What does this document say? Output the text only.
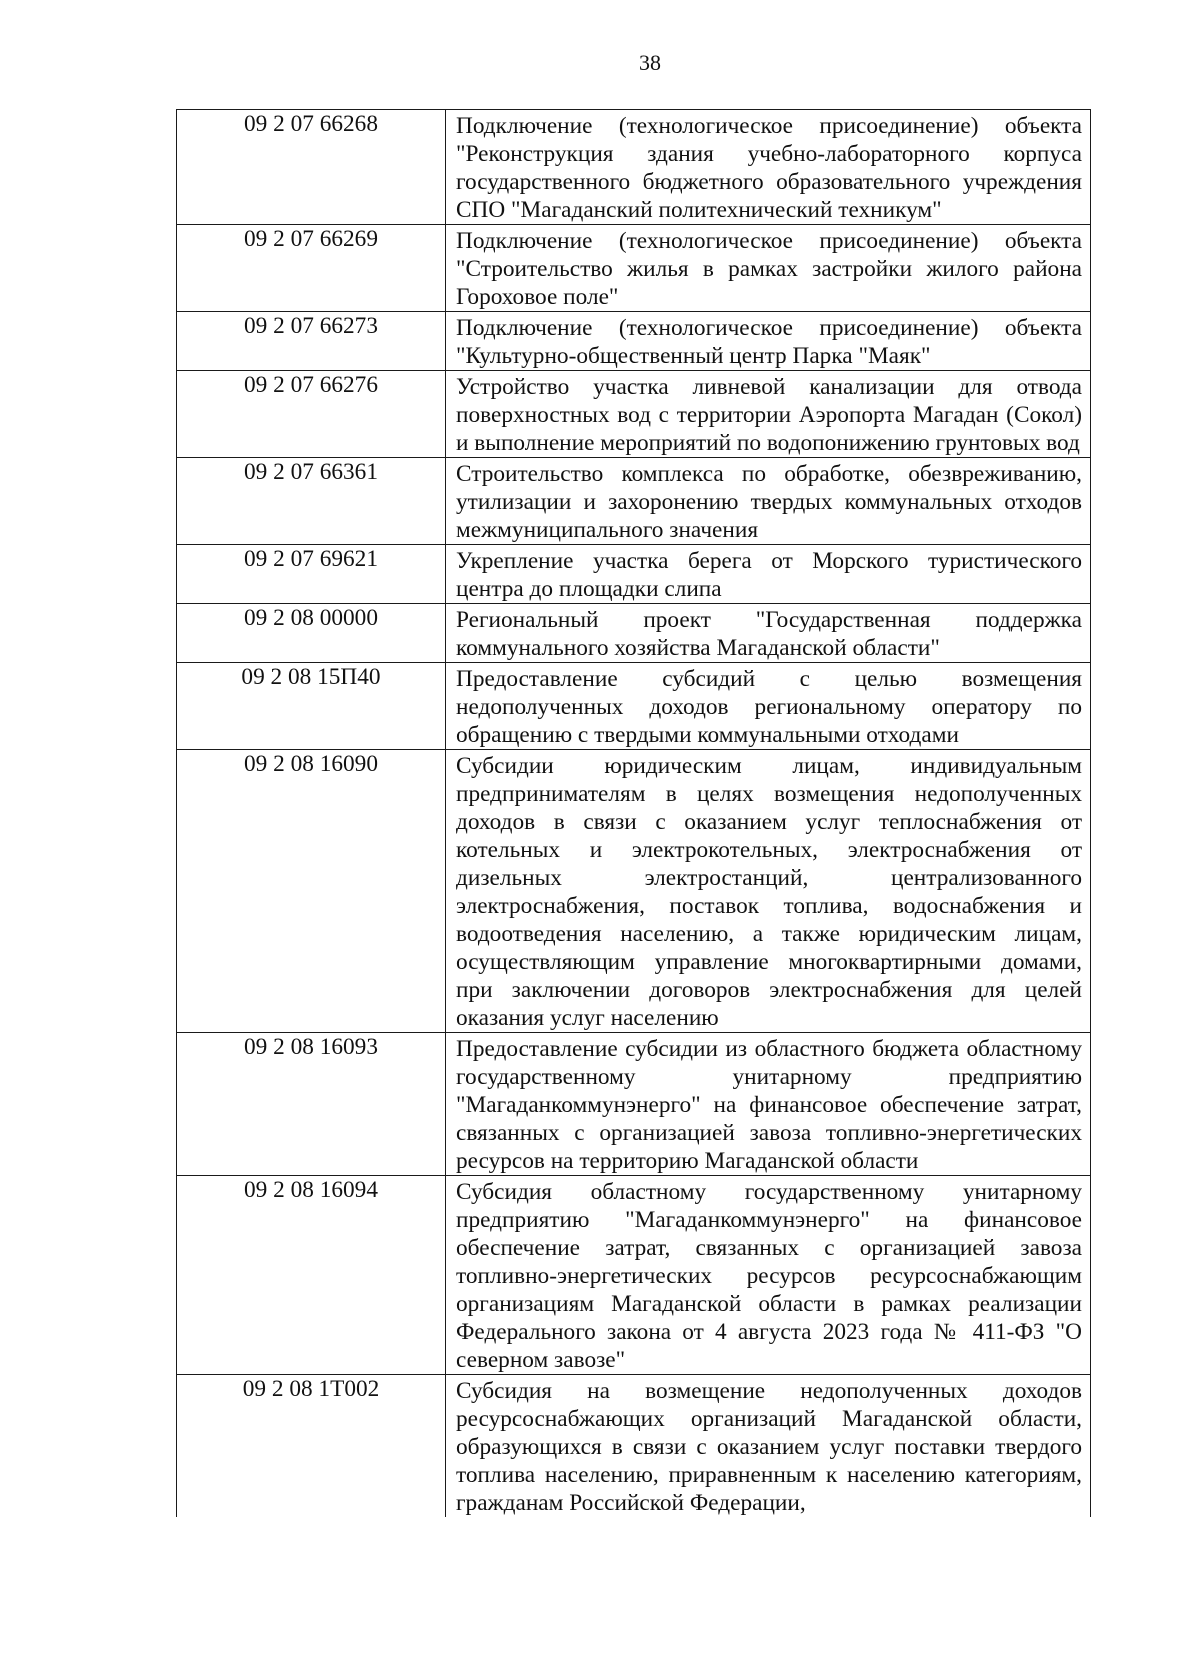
38
09 2 07 66268	Подключение (технологическое присоединение) объекта "Реконструкция здания учебно-лабораторного корпуса государственного бюджетного образовательного учреждения СПО "Магаданский политехнический техникум"

09 2 07 66269	Подключение (технологическое присоединение) объекта "Строительство жилья в рамках застройки жилого района Гороховое поле"

09 2 07 66273	Подключение (технологическое присоединение) объекта "Культурно-общественный центр Парка "Маяк"

09 2 07 66276	Устройство участка ливневой канализации для отвода поверхностных вод с территории Аэропорта Магадан (Сокол) и выполнение мероприятий по водопонижению грунтовых вод

09 2 07 66361	Строительство комплекса по обработке, обезвреживанию, утилизации и захоронению твердых коммунальных отходов межмуниципального значения

09 2 07 69621	Укрепление участка берега от Морского туристического центра до площадки слипа

09 2 08 00000	Региональный проект "Государственная поддержка коммунального хозяйства Магаданской области"

09 2 08 15П40	Предоставление субсидий с целью возмещения недополученных доходов региональному оператору по обращению с твердыми коммунальными отходами

09 2 08 16090	Субсидии юридическим лицам, индивидуальным предпринимателям в целях возмещения недополученных доходов в связи с оказанием услуг теплоснабжения от котельных и электрокотельных, электроснабжения от дизельных электростанций, централизованного электроснабжения, поставок топлива, водоснабжения и водоотведения населению, а также юридическим лицам, осуществляющим управление многоквартирными домами, при заключении договоров электроснабжения для целей оказания услуг населению

09 2 08 16093	Предоставление субсидии из областного бюджета областному государственному унитарному предприятию "Магаданкоммунэнерго" на финансовое обеспечение затрат, связанных с организацией завоза топливно-энергетических ресурсов на территорию Магаданской области

09 2 08 16094	Субсидия областному государственному унитарному предприятию "Магаданкоммунэнерго" на финансовое обеспечение затрат, связанных с организацией завоза топливно-энергетических ресурсов ресурсоснабжающим организациям Магаданской области в рамках реализации Федерального закона от 4 августа 2023 года № 411-ФЗ "О северном завозе"

09 2 08 1Т002	Субсидия на возмещение недополученных доходов ресурсоснабжающих организаций Магаданской области, образующихся в связи с оказанием услуг поставки твердого топлива населению, приравненным к населению категориям, гражданам Российской Федерации,
